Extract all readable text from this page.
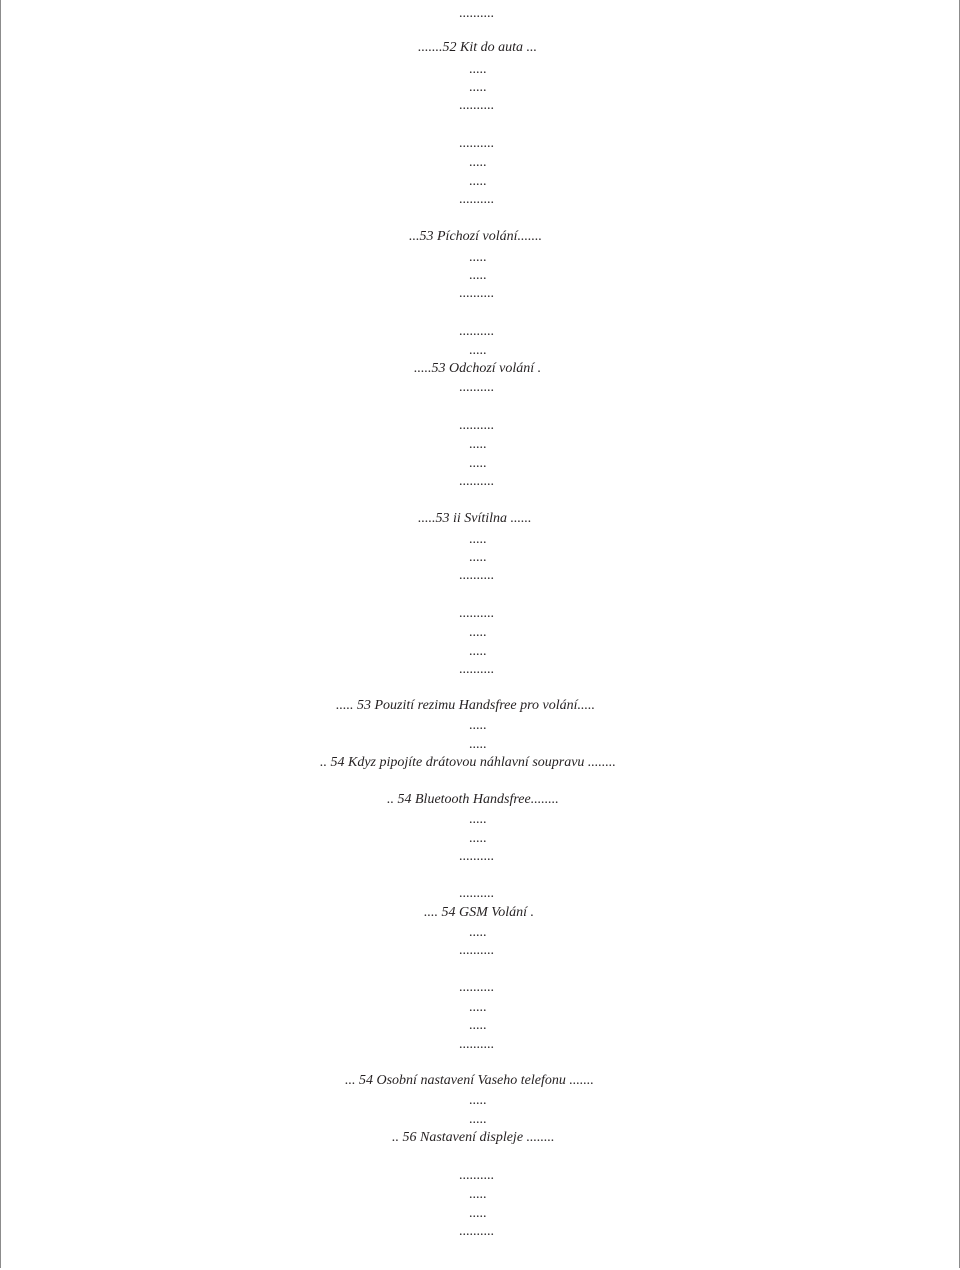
..........
.......52 Kit do auta ...
.....
.....
..........
..........
.....
.....
..........
...53 Píchozí volání.......
.....
.....
..........
..........
.....
.....53 Odchozí volání .
..........
..........
.....
.....
..........
.....53 ii Svítilna ......
.....
.....
..........
..........
.....
.....
..........
..... 53 Pouzití rezimu Handsfree pro volání.....
.....
.....
.. 54 Kdyz pipojíte drátovou náhlavní soupravu ........
.. 54 Bluetooth Handsfree........
.....
.....
..........
..........
.... 54 GSM Volání .
.....
..........
..........
.....
.....
..........
... 54 Osobní nastavení Vaseho telefonu .......
.....
.....
.. 56 Nastavení displeje ........
..........
.....
.....
..........
